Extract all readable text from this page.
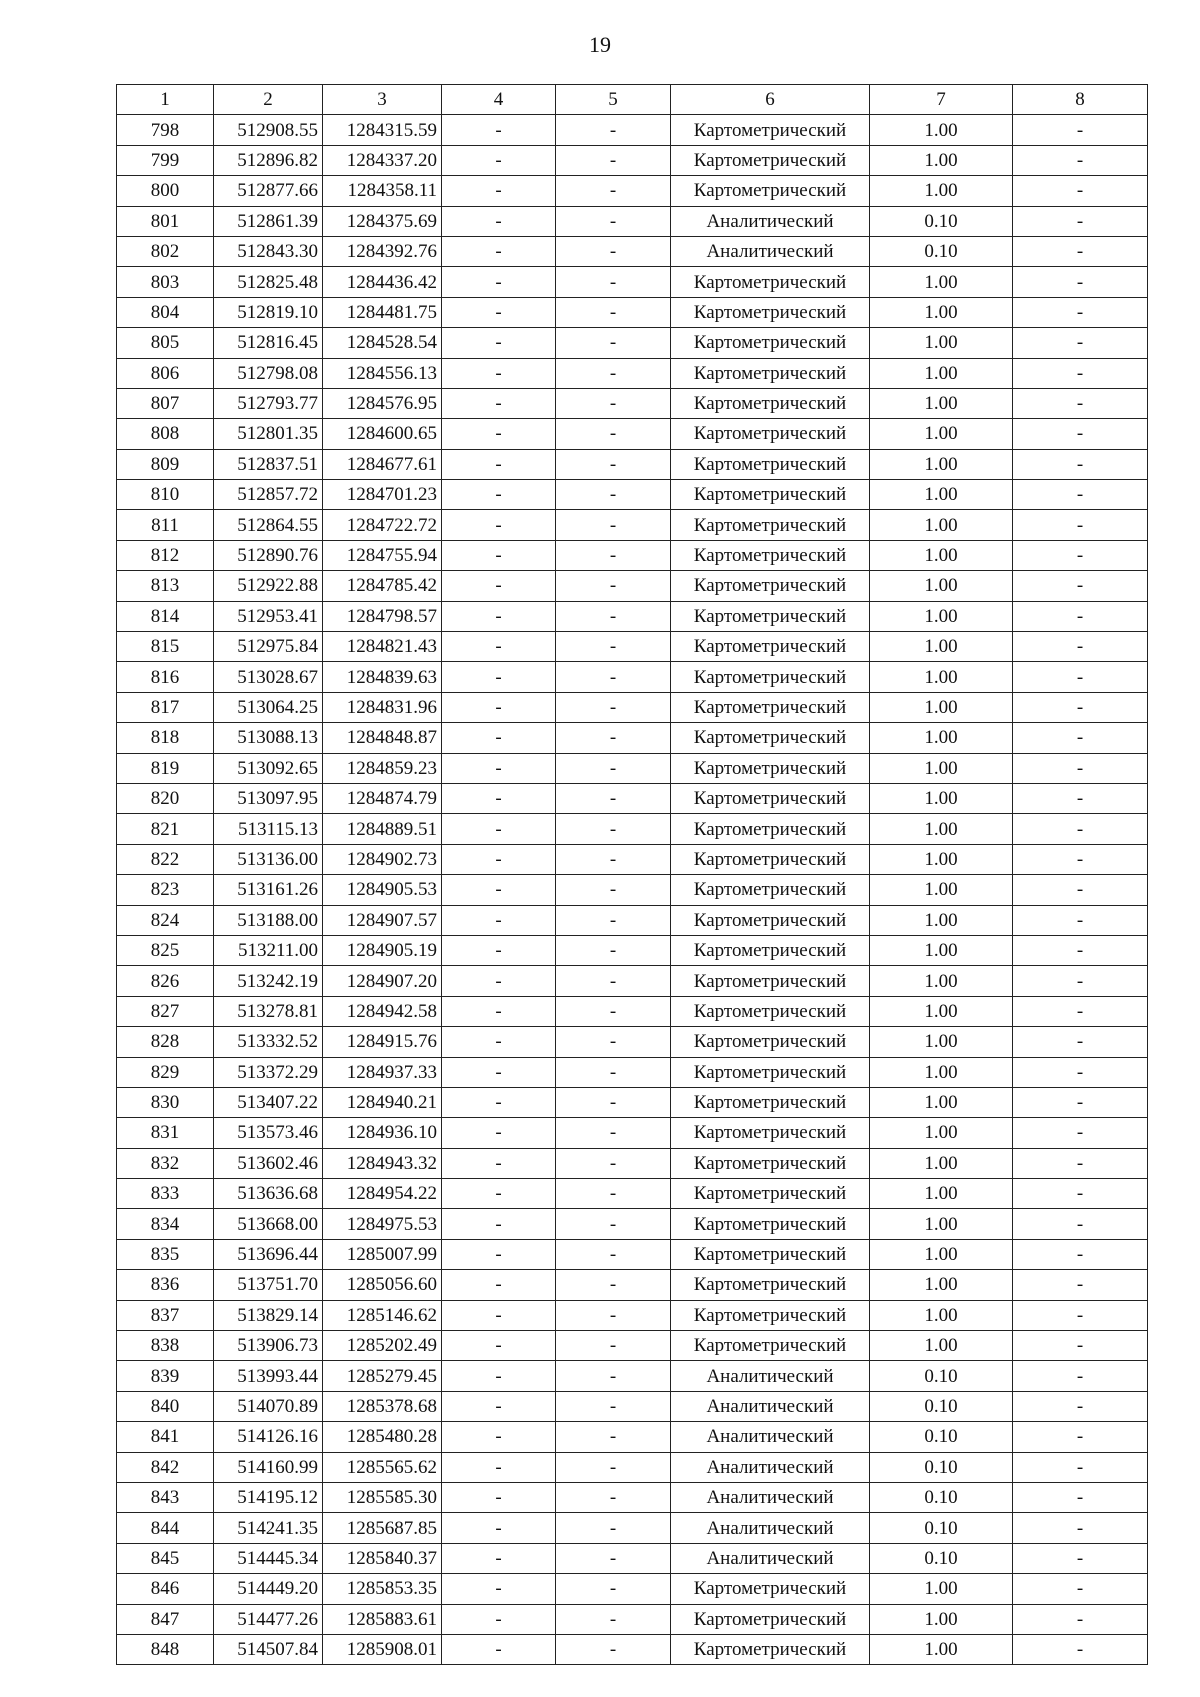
19
1	2	3	4	5	6	7	8
798	512908.55	1284315.59	-	-	Картометрический	1.00	-
799	512896.82	1284337.20	-	-	Картометрический	1.00	-
800	512877.66	1284358.11	-	-	Картометрический	1.00	-
801	512861.39	1284375.69	-	-	Аналитический	0.10	-
802	512843.30	1284392.76	-	-	Аналитический	0.10	-
803	512825.48	1284436.42	-	-	Картометрический	1.00	-
804	512819.10	1284481.75	-	-	Картометрический	1.00	-
805	512816.45	1284528.54	-	-	Картометрический	1.00	-
806	512798.08	1284556.13	-	-	Картометрический	1.00	-
807	512793.77	1284576.95	-	-	Картометрический	1.00	-
808	512801.35	1284600.65	-	-	Картометрический	1.00	-
809	512837.51	1284677.61	-	-	Картометрический	1.00	-
810	512857.72	1284701.23	-	-	Картометрический	1.00	-
811	512864.55	1284722.72	-	-	Картометрический	1.00	-
812	512890.76	1284755.94	-	-	Картометрический	1.00	-
813	512922.88	1284785.42	-	-	Картометрический	1.00	-
814	512953.41	1284798.57	-	-	Картометрический	1.00	-
815	512975.84	1284821.43	-	-	Картометрический	1.00	-
816	513028.67	1284839.63	-	-	Картометрический	1.00	-
817	513064.25	1284831.96	-	-	Картометрический	1.00	-
818	513088.13	1284848.87	-	-	Картометрический	1.00	-
819	513092.65	1284859.23	-	-	Картометрический	1.00	-
820	513097.95	1284874.79	-	-	Картометрический	1.00	-
821	513115.13	1284889.51	-	-	Картометрический	1.00	-
822	513136.00	1284902.73	-	-	Картометрический	1.00	-
823	513161.26	1284905.53	-	-	Картометрический	1.00	-
824	513188.00	1284907.57	-	-	Картометрический	1.00	-
825	513211.00	1284905.19	-	-	Картометрический	1.00	-
826	513242.19	1284907.20	-	-	Картометрический	1.00	-
827	513278.81	1284942.58	-	-	Картометрический	1.00	-
828	513332.52	1284915.76	-	-	Картометрический	1.00	-
829	513372.29	1284937.33	-	-	Картометрический	1.00	-
830	513407.22	1284940.21	-	-	Картометрический	1.00	-
831	513573.46	1284936.10	-	-	Картометрический	1.00	-
832	513602.46	1284943.32	-	-	Картометрический	1.00	-
833	513636.68	1284954.22	-	-	Картометрический	1.00	-
834	513668.00	1284975.53	-	-	Картометрический	1.00	-
835	513696.44	1285007.99	-	-	Картометрический	1.00	-
836	513751.70	1285056.60	-	-	Картометрический	1.00	-
837	513829.14	1285146.62	-	-	Картометрический	1.00	-
838	513906.73	1285202.49	-	-	Картометрический	1.00	-
839	513993.44	1285279.45	-	-	Аналитический	0.10	-
840	514070.89	1285378.68	-	-	Аналитический	0.10	-
841	514126.16	1285480.28	-	-	Аналитический	0.10	-
842	514160.99	1285565.62	-	-	Аналитический	0.10	-
843	514195.12	1285585.30	-	-	Аналитический	0.10	-
844	514241.35	1285687.85	-	-	Аналитический	0.10	-
845	514445.34	1285840.37	-	-	Аналитический	0.10	-
846	514449.20	1285853.35	-	-	Картометрический	1.00	-
847	514477.26	1285883.61	-	-	Картометрический	1.00	-
848	514507.84	1285908.01	-	-	Картометрический	1.00	-
